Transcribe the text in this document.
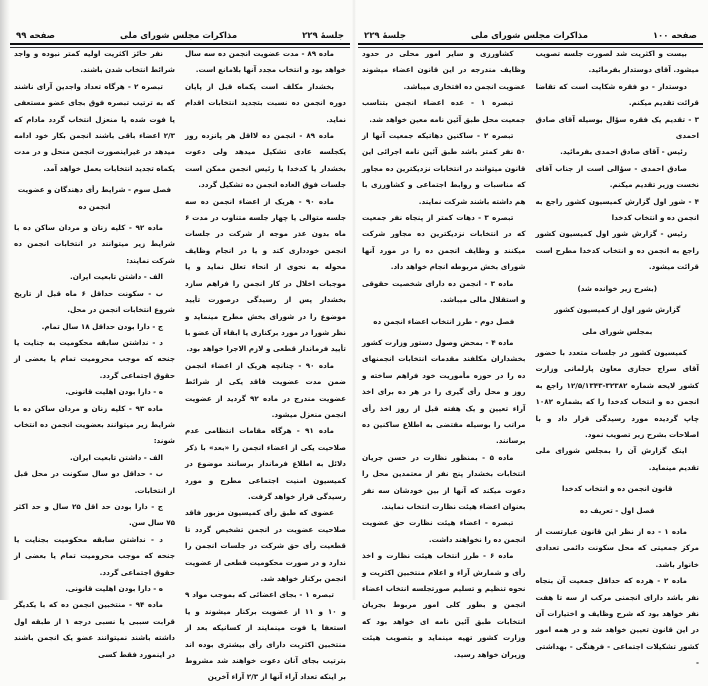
جلسهٔ ۲۲۹
مذاکرات مجلس شورای ملی
صفحه ۹۹

ماده ۸۹ - مدت عضویت انجمن ده سه سال خواهد بود و انتخاب مجدد آنها بلامانع است.

بخشدار مکلف است یکماه قبل از پایان دوره انجمن ده نسبت بتجدید انتخابات اقدام نماید.

ماده ۸۹ - انجمن ده لااقل هر پانزده روز یکجلسه عادی تشکیل میدهد ولی دعوت بخشدار یا کدخدا یا رئیس انجمن ممکن است جلسات فوق العاده انجمن ده تشکیل گردد.

ماده ۹۰ - هریک از اعضاء انجمن ده سه جلسه متوالی یا چهار جلسه متناوب در مدت ۶ ماه بدون عذر موجه از شرکت در جلسات انجمن خودداری کند و یا در انجام وظایف محوله به نحوی از انحاء تعلل نماید و یا موجبات اخلال در کار انجمن را فراهم سازد بخشدار پس از رسیدگی درصورت تأیید موضوع را در شورای بخش مطرح مینماید و نظر شورا در مورد برکناری یا ابقاء آن عضو با تأیید فرماندار قطعی و لازم الاجرا خواهد بود.

ماده ۹۰ - چنانچه هریک از اعضاء انجمن ضمن مدت عضویت فاقد یکی از شرائط عضویت مندرج در ماده ۹۲ گردید از عضویت انجمن منعزل میشود.

ماده ۹۱ - هرگاه مقامات انتظامی عدم صلاحیت یکی از اعضاء انجمن را «بعد» با ذکر دلائل به اطلاع فرماندار برسانند موضوع در کمیسیون امنیت اجتماعی مطرح و مورد رسیدگی قرار خواهد گرفت.

عضوی که طبق رأی کمیسیون مزبور فاقد صلاحیت عضویت در انجمن تشخیص گردد تا قطعیت رأی حق شرکت در جلسات انجمن را ندارد و در صورت محکومیت قطعی از عضویت انجمن برکنار خواهد شد.

تبصره ۱ - بجای اعضائی که بموجب مواد ۹ و ۱۰ و ۱۱ از عضویت برکنار میشوند و یا استعفا یا فوت مینمایند از کسانیکه بعد از منتخبین اکثریت دارای رأی بیشتری بوده اند بترتیب بجای آنان دعوت خواهند شد مشروط بر اینکه تعداد آراء آنها از ۲/۳ آراء آخرین

نفر حائز اکثریت اولیه کمتر نبوده و واجد شرائط انتخاب شدن باشند.

تبصره ۲ - هرگاه تعداد واجدین آرای ناشند که به ترتیب تبصره فوق بجای عضو مستعفی یا فوت شده یا منعزل انتخاب گردد مادام که ۲/۳ اعضاء باقی باشند انجمن بکار خود ادامه میدهد در غیراینصورت انجمن منحل و در مدت یکماه تجدید انتخابات بعمل خواهد آمد.

فصل سوم - شرایط رأی دهندگان و عضویت انجمن ده

ماده ۹۲ - کلیه زنان و مردان ساکن ده با شرایط زیر میتوانند در انتخابات انجمن ده شرکت نمایند:

الف - داشتن تابعیت ایران.

ب - سکونت حداقل ۶ ماه قبل از تاریخ شروع انتخابات انجمن در محل.

ج - دارا بودن حداقل ۱۸ سال تمام.

د - نداشتن سابقه محکومیت به جنایت یا جنحه که موجب محرومیت تمام یا بعضی از حقوق اجتماعی گردد.

ه - دارا بودن اهلیت قانونی.

ماده ۹۳ - کلیه زنان و مردان ساکن ده با شرایط زیر میتوانند بعضویت انجمن ده انتخاب شوند:

الف - داشتن تابعیت ایران.

ب - حداقل دو سال سکونت در محل قبل از انتخابات.

ج - دارا بودن حد اقل ۲۵ سال و حد اکثر ۷۵ سال سن.

د - نداشتن سابقه محکومیت بجنایت یا جنحه که موجب محرومیت تمام یا بعضی از حقوق اجتماعی گردد.

ه - دارا بودن اهلیت قانونی.

ماده ۹۴ - منتخبین انجمن ده که با یکدیگر قرابت سببی یا نسبی درجه ۱ از طبقه اول داشته باشند نمیتوانند عضو یک انجمن باشند در اینمورد فقط کسی

صفحه ۱۰۰
مذاکرات مجلس شورای ملی
جلسهٔ ۲۲۹

بیست و اکثریت شد لصورت جلسه تصویب میشود. آقای دوستدار بفرمائید.

دوستدار - دو فقره شکایت است که تقاضا قرائت تقدیم میکنم.

۳ - تقدیم یک فقره سؤال بوسیله آقای صادق احمدی

رئیس - آقای صادق احمدی بفرمائید.

صادق احمدی - سؤالی است از جناب آقای نخست وزیر تقدیم میکنم.

۴ - شور اول گزارش کمیسیون کشور راجع به انجمن ده و انتخاب کدخدا

رئیس - گزارش شور اول کمیسیون کشور راجع به انجمن ده و انتخاب کدخدا مطرح است قرائت میشود.

(بشرح زیر خوانده شد)

گزارش شور اول از کمیسیون کشور

بمجلس شورای ملی

کمیسیون کشور در جلسات متعدد با حضور آقای سراج حجازی معاون پارلمانی وزارت کشور لایحه شماره ۳۲۳۸۲-۱۲/۵/۱۳۴۳ راجع به انجمن ده و انتخاب کدخدا را که بشماره ۱۰۸۲ چاپ گردیده مورد رسیدگی قرار داد و با اصلاحات بشرح زیر تصویب نمود.

اینک گزارش آن را بمجلس شورای ملی تقدیم مینماید.

قانون انجمن ده و انتخاب کدخدا

فصل اول - تعریف ده

ماده ۱ - ده از نظر این قانون عبارتست از مرکز جمعیتی که محل سکونت دائمی تعدادی خانوار باشد.

ماده ۲ - هرده که حداقل جمعیت آن بنجاه نفر باشد دارای انجمنی مرکب از سه تا هفت نفر خواهد بود که شرح وظایف و اختیارات آن در این قانون تعیین خواهد شد و در همه امور کشور تشکیلات اجتماعی - فرهنگی - بهداشتی -

کشاورزی و سایر امور محلی در حدود وظایف مندرجه در این قانون اعضاء میشوند عضویت انجمن ده افتخاری میباشد.

تبصره ۱ - عده اعضاء انجمن بتناسب جمعیت محل طبق آئین نامه معین خواهد شد.

تبصره ۲ - ساکنین دهاتیکه جمعیت آنها از ۵۰ نفر کمتر باشد طبق آئین نامه اجرائی این قانون میتوانند در انتخابات نزدیکترین ده مجاور که مناسبات و روابط اجتماعی و کشاورزی با هم داشته باشند شرکت نمایند.

تبصره ۳ - دهات کمتر از پنجاه نفر جمعیت که در انتخابات نزدیکترین ده مجاور شرکت میکنند و وظایف انجمن ده را در مورد آنها شورای بخش مربوطه انجام خواهد داد.

ماده ۳ - انجمن ده دارای شخصیت حقوقی و استقلال مالی میباشد.

فصل دوم - طرز انتخاب اعضاء انجمن ده

ماده ۴ - بمحض وصول دستور وزارت کشور بخشداران مکلفند مقدمات انتخابات انجمنهای ده را در حوزه مأموریت خود فراهم ساخته و روز و محل رأی گیری را در هر ده برای اخذ آراء تعیین و یک هفته قبل از روز اخذ رأی مراتب را بوسیله مقتضی به اطلاع ساکنین ده برسانند.

ماده ۵ - بمنظور نظارت در حسن جریان انتخابات بخشدار پنج نفر از معتمدین محل را دعوت میکند که آنها از بین خودشان سه نفر بعنوان اعضاء هیئت نظارت انتخاب نمایند.

تبصره - اعضاء هیئت نظارت حق عضویت انجمن ده را نخواهند داشت.

ماده ۶ - طرز انتخاب هیئت نظارت و اخذ رأی و شمارش آراء و اعلام منتخبین اکثریت و نحوه تنظیم و تسلیم صورتجلسه انتخاب اعضاء انجمن و بطور کلی امور مربوط بجریان انتخابات طبق آئین نامه ای خواهد بود که وزارت کشور تهیه مینماید و بتصویب هیئت وزیران خواهد رسید.
